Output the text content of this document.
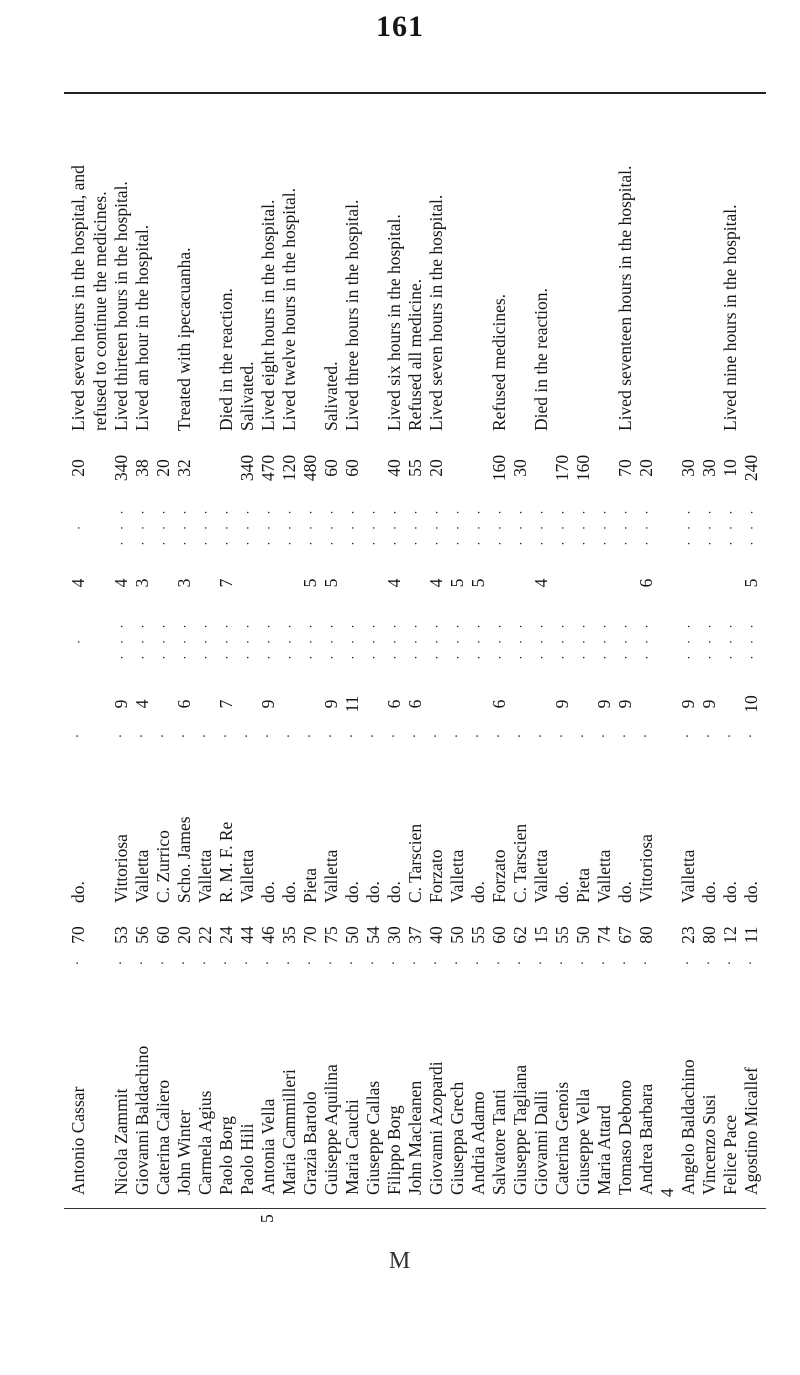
161
Antonio Cassar
·
70
do.
·
·
4
·
20
Lived seven hours in the hospital, and refused to continue the medicines.
Nicola Zammit
·
53
Vittoriosa
·
9
· · ·
4
· · ·
340
Lived thirteen hours in the hospital.
Giovanni Baldachino
·
56
Valletta
·
4
· · ·
3
· · ·
38
Lived an hour in the hospital.
Caterina Caliero
·
60
C. Zurrico
·
· · ·
· · ·
20
John Winter
·
20
Scho. James
·
6
· · ·
3
· · ·
32
Treated with ipecacuanha.
Carmela Agius
·
22
Valletta
·
· · ·
· · ·
Paolo Borg
·
24
R. M. F. Re
·
7
· · ·
7
· · ·
Died in the reaction.
Paolo Hili
·
44
Valletta
·
· · ·
· · ·
340
Salivated.
Antonia Vella
·
46
do.
·
9
· · ·
· · ·
470
Lived eight hours in the hospital.
Maria Cammilleri
·
35
do.
·
· · ·
· · ·
120
Lived twelve hours in the hospital.
Grazia Bartolo
·
70
Pieta
·
· · ·
5
· · ·
480
Guiseppe Aquilina
·
75
Valletta
·
9
· · ·
5
· · ·
60
Salivated.
Maria Cauchi
·
50
do.
·
11
· · ·
· · ·
60
Lived three hours in the hospital.
Giuseppe Callas
·
54
do.
·
· · ·
· · ·
Filippo Borg
·
30
do.
·
6
· · ·
4
· · ·
40
Lived six hours in the hospital.
John Macleanen
·
37
C. Tarscien
·
6
· · ·
· · ·
55
Refused all medicine.
Giovanni Azopardi
·
40
Forzato
·
· · ·
4
· · ·
20
Lived seven hours in the hospital.
Giuseppa Grech
·
50
Valletta
·
· · ·
5
· · ·
Andria Adamo
·
55
do.
·
· · ·
5
· · ·
Salvatore Tanti
·
60
Forzato
·
6
· · ·
· · ·
160
Refused medicines.
Giuseppe Tagliana
·
62
C. Tarscien
·
· · ·
· · ·
30
Giovanni Dalli
·
15
Valletta
·
· · ·
4
· · ·
Died in the reaction.
Caterina Genois
·
55
do.
·
9
· · ·
· · ·
170
Giuseppe Vella
·
50
Pieta
·
· · ·
· · ·
160
Maria Attard
·
74
Valletta
·
9
· · ·
· · ·
Tomaso Debono
·
67
do.
·
9
· · ·
· · ·
70
Lived seventeen hours in the hospital.
Andrea Barbara
·
80
Vittoriosa
·
· · ·
6
· · ·
20
4 Angelo Baldachino
·
23
Valletta
·
9
· · ·
· · ·
30
Vincenzo Susi
·
80
do.
·
9
· · ·
· · ·
30
Felice Pace
·
12
do.
·
· · ·
· · ·
10
Lived nine hours in the hospital.
Agostino Micallef
·
11
do.
·
10
· · ·
5
· · ·
240
5
M
